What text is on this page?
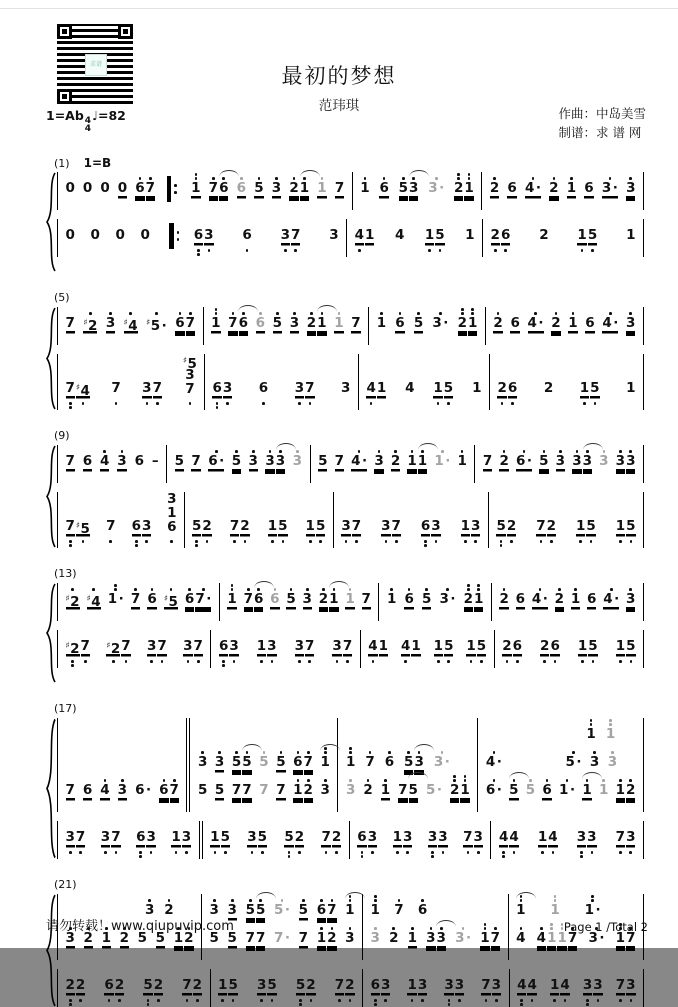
求谱
1=Ab 4
4
♩=82
最初的梦想
范玮琪	作曲：中岛美雪
制谱：求 谱 网
(1) 1=B
0 0 0 0 6 7	1 7 6 6 5 3 2 1 1 7 1 6 5 3 3 · 2 1 2 6 4 · 2 1 6 3 · 3
0 0 0 0	6 3 6 3 7 3 4 1 4 1 5 1 2 6 2 1 5 1
(5)
7 ♯2 3 ♯4 ♯5 · 6 7 1 7 6 6 5 3 2 1 1 7 1 6 5 3 · 2 1 2 6 4 · 2 1 6 4 · 3
7 ♯4 7 3 7
♯5
3
7 6 3 6 3 7 3 4 1 4 1 5 1 2 6 2 1 5 1
(9)
7 6 4 3 6 – 5 7 6 · 5 3 3 3 3 5 7 4 · 3 2 1 1 1 · 1 7 2 6 · 5 3 3 3 3 3 3
7 ♯5 7 6 3
3
1
6 5 2 7 2 1 5 1 5 3 7 3 7 6 3 1 3 5 2 7 2 1 5 1 5
(13)
♯2 ♯4 1 · 7 6 ♯5 6 7 · 1 7 6 6 5 3 2 1 1 7 1 6 5 3 · 2 1 2 6 4 · 2 1 6 4 · 3
♯2 7 ♯2 7 3 7 3 7 6 3 1 3 3 7 3 7 4 1 4 1 1 5 1 5 2 6 2 6 1 5 1 5
(17)
7 6 4 3 6 · 6 7
3 3 5 5 5 5 6 7 1
5 5 7 7 7 7 1 2 3
1 7 6 5 3 3 ·
3 2 1 7 5 5 · 2 1
1 1
4 ·	5 · 3 3
6 · 5 5 6 1 · 1 1 1 2
3 7 3 7 6 3 1 3 1 5 3 5 5 2 7 2 6 3 1 3 3 3 7 3 4 4 1 4 3 3 7 3
(21)
3 2
3 2 1 2 5 5 1 2
3 3 5 5 5 · 5 6 7 1
5 5 7 7 7 · 7 1 2 3
1 7 6
3 2 1 3 3 3 · 1 7
1 1 1 ·
4 4 1 1 7 3 · 1 7
2 2 6 2 5 2 7 2 1 5 3 5 5 2 7 2 6 3 1 3 3 3 7 3 4 4 1 4 3 3 7 3
请勿转载！www.qiupuvip.com	Page 1 /Total 2
